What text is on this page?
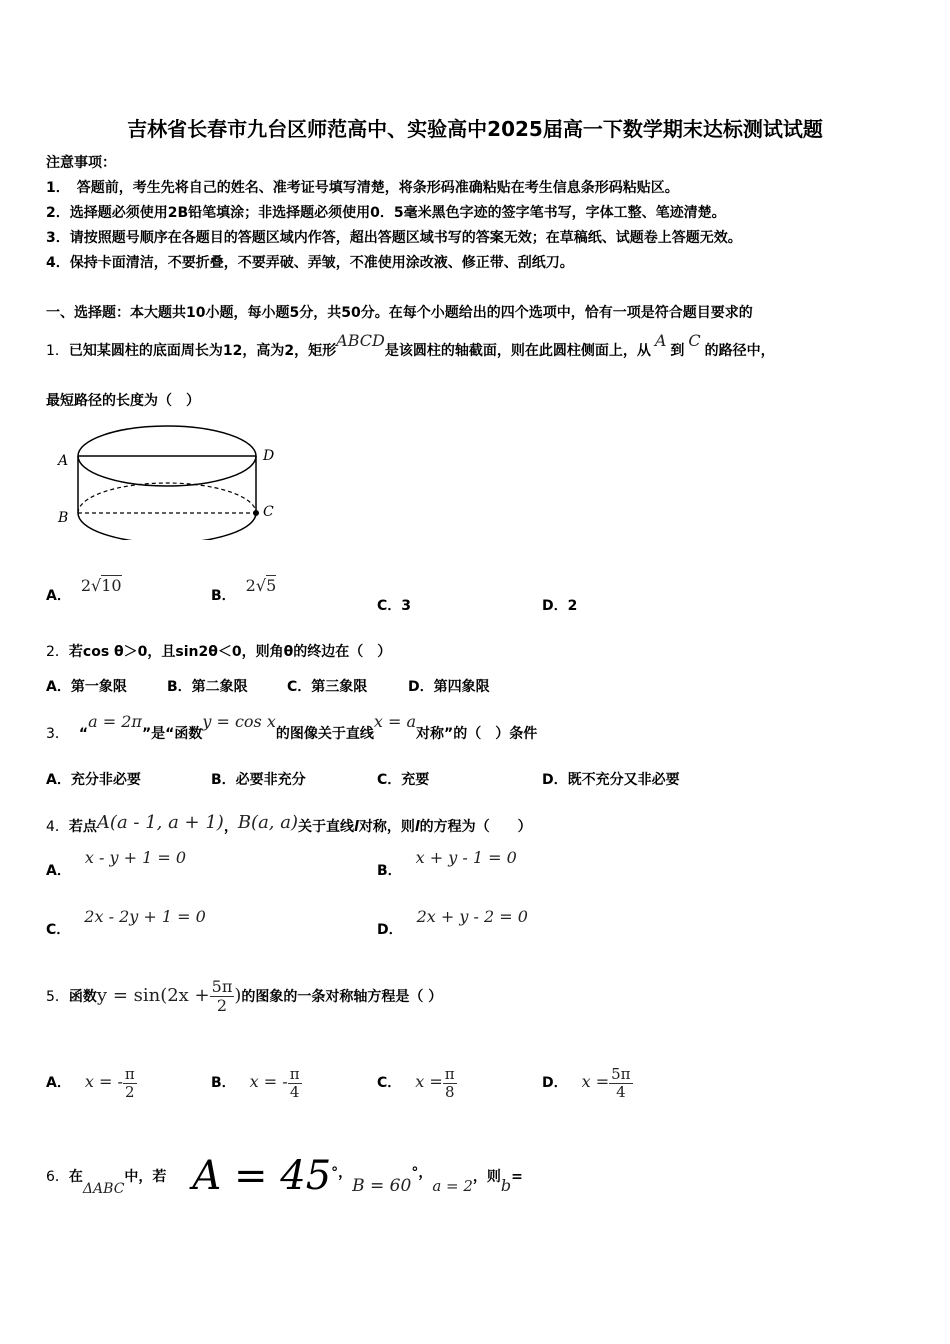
吉林省长春市九台区师范高中、实验高中2025届高一下数学期末达标测试试题
注意事项：
1．　答题前，考生先将自己的姓名、准考证号填写清楚，将条形码准确粘贴在考生信息条形码粘贴区。
2．选择题必须使用2B铅笔填涂；非选择题必须使用0．5毫米黑色字迹的签字笔书写，字体工整、笔迹清楚。
3．请按照题号顺序在各题目的答题区域内作答，超出答题区域书写的答案无效；在草稿纸、试题卷上答题无效。
4．保持卡面清洁，不要折叠，不要弄破、弄皱，不准使用涂改液、修正带、刮纸刀。
一、选择题：本大题共10小题，每小题5分，共50分。在每个小题给出的四个选项中，恰有一项是符合题目要求的
1．已知某圆柱的底面周长为12，高为2，矩形ABCD是该圆柱的轴截面，则在此圆柱侧面上，从A到C的路径中，
最短路径的长度为（　）
A	D
B	C
A．2√10
B．2√5
C．3	D．2
2．若cos θ＞0，且sin2θ＜0，则角θ的终边在（　）
A．第一象限	B．第二象限	C．第三象限	D．第四象限
3． “a = 2π”是“函数y = cos x的图像关于直线x = a对称”的（　）条件
A．充分非必要	B．必要非充分	C．充要	D．既不充分又非必要
4．若点A(a - 1, a + 1)，B(a, a)关于直线l对称，则l的方程为（　　）
A．x - y + 1 = 0
B．x + y - 1 = 0
C．2x - 2y + 1 = 0
D．2x + y - 2 = 0
5．函数$y = \sin(2x + \frac{5\pi}{2}$ )的图象的一条对称轴方程是（ ）
A． x = - $\frac{\pi}{2}$	B． x = - $\frac{\pi}{4}$	C． $x = \frac{\pi}{8}$	D． $x = \frac{5\pi}{4}$
6．在ΔABC中，若 A = 45°，B = 60°，a = 2，则b=
